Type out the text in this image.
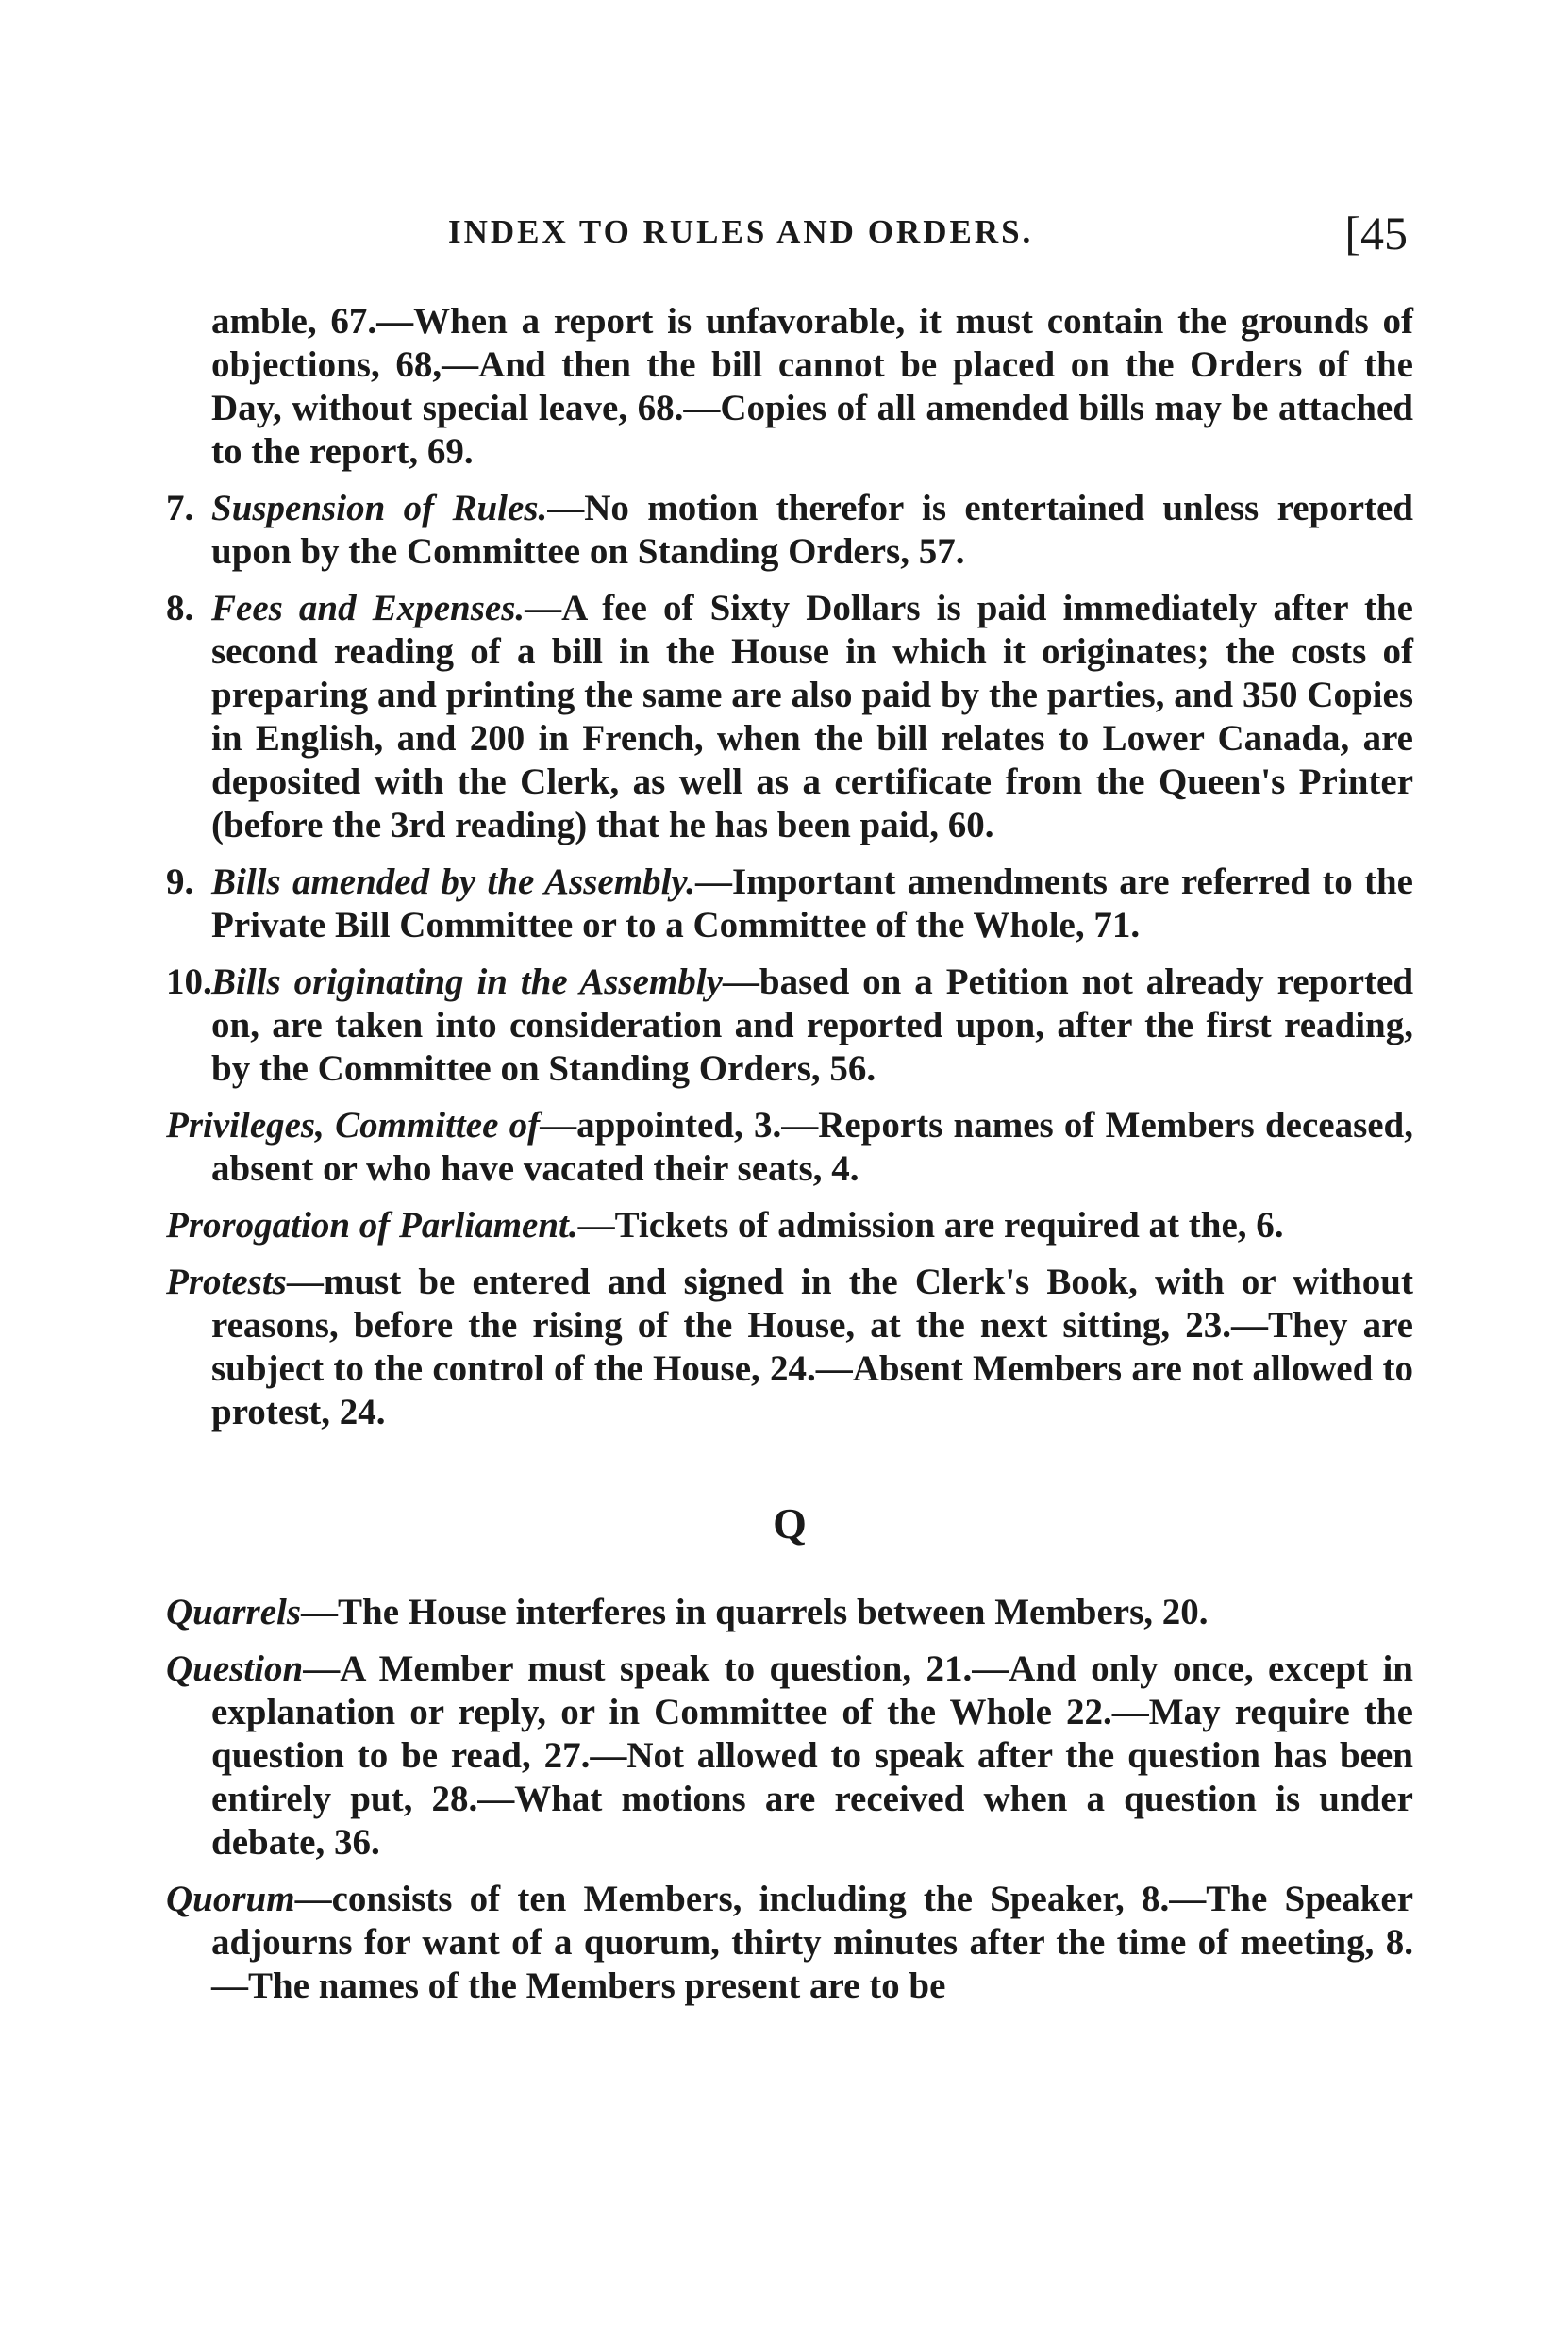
INDEX TO RULES AND ORDERS.	[45

amble, 67.—When a report is unfavorable, it must contain the grounds of objections, 68,—And then the bill cannot be placed on the Orders of the Day, without special leave, 68.—Copies of all amended bills may be attached to the report, 69.

7. Suspension of Rules.—No motion therefor is entertained unless reported upon by the Committee on Standing Orders, 57.

8. Fees and Expenses.—A fee of Sixty Dollars is paid immediately after the second reading of a bill in the House in which it originates; the costs of preparing and printing the same are also paid by the parties, and 350 Copies in English, and 200 in French, when the bill relates to Lower Canada, are deposited with the Clerk, as well as a certificate from the Queen's Printer (before the 3rd reading) that he has been paid, 60.

9. Bills amended by the Assembly.—Important amendments are referred to the Private Bill Committee or to a Committee of the Whole, 71.

10.Bills originating in the Assembly—based on a Petition not already reported on, are taken into consideration and reported upon, after the first reading, by the Committee on Standing Orders, 56.

Privileges, Committee of—appointed, 3.—Reports names of Members deceased, absent or who have vacated their seats, 4.

Prorogation of Parliament.—Tickets of admission are required at the, 6.

Protests—must be entered and signed in the Clerk's Book, with or without reasons, before the rising of the House, at the next sitting, 23.—They are subject to the control of the House, 24.—Absent Members are not allowed to protest, 24.

Q

Quarrels—The House interferes in quarrels between Members, 20.

Question—A Member must speak to question, 21.—And only once, except in explanation or reply, or in Committee of the Whole 22.—May require the question to be read, 27.—Not allowed to speak after the question has been entirely put, 28.—What motions are received when a question is under debate, 36.

Quorum—consists of ten Members, including the Speaker, 8.—The Speaker adjourns for want of a quorum, thirty minutes after the time of meeting, 8.—The names of the Members present are to be
